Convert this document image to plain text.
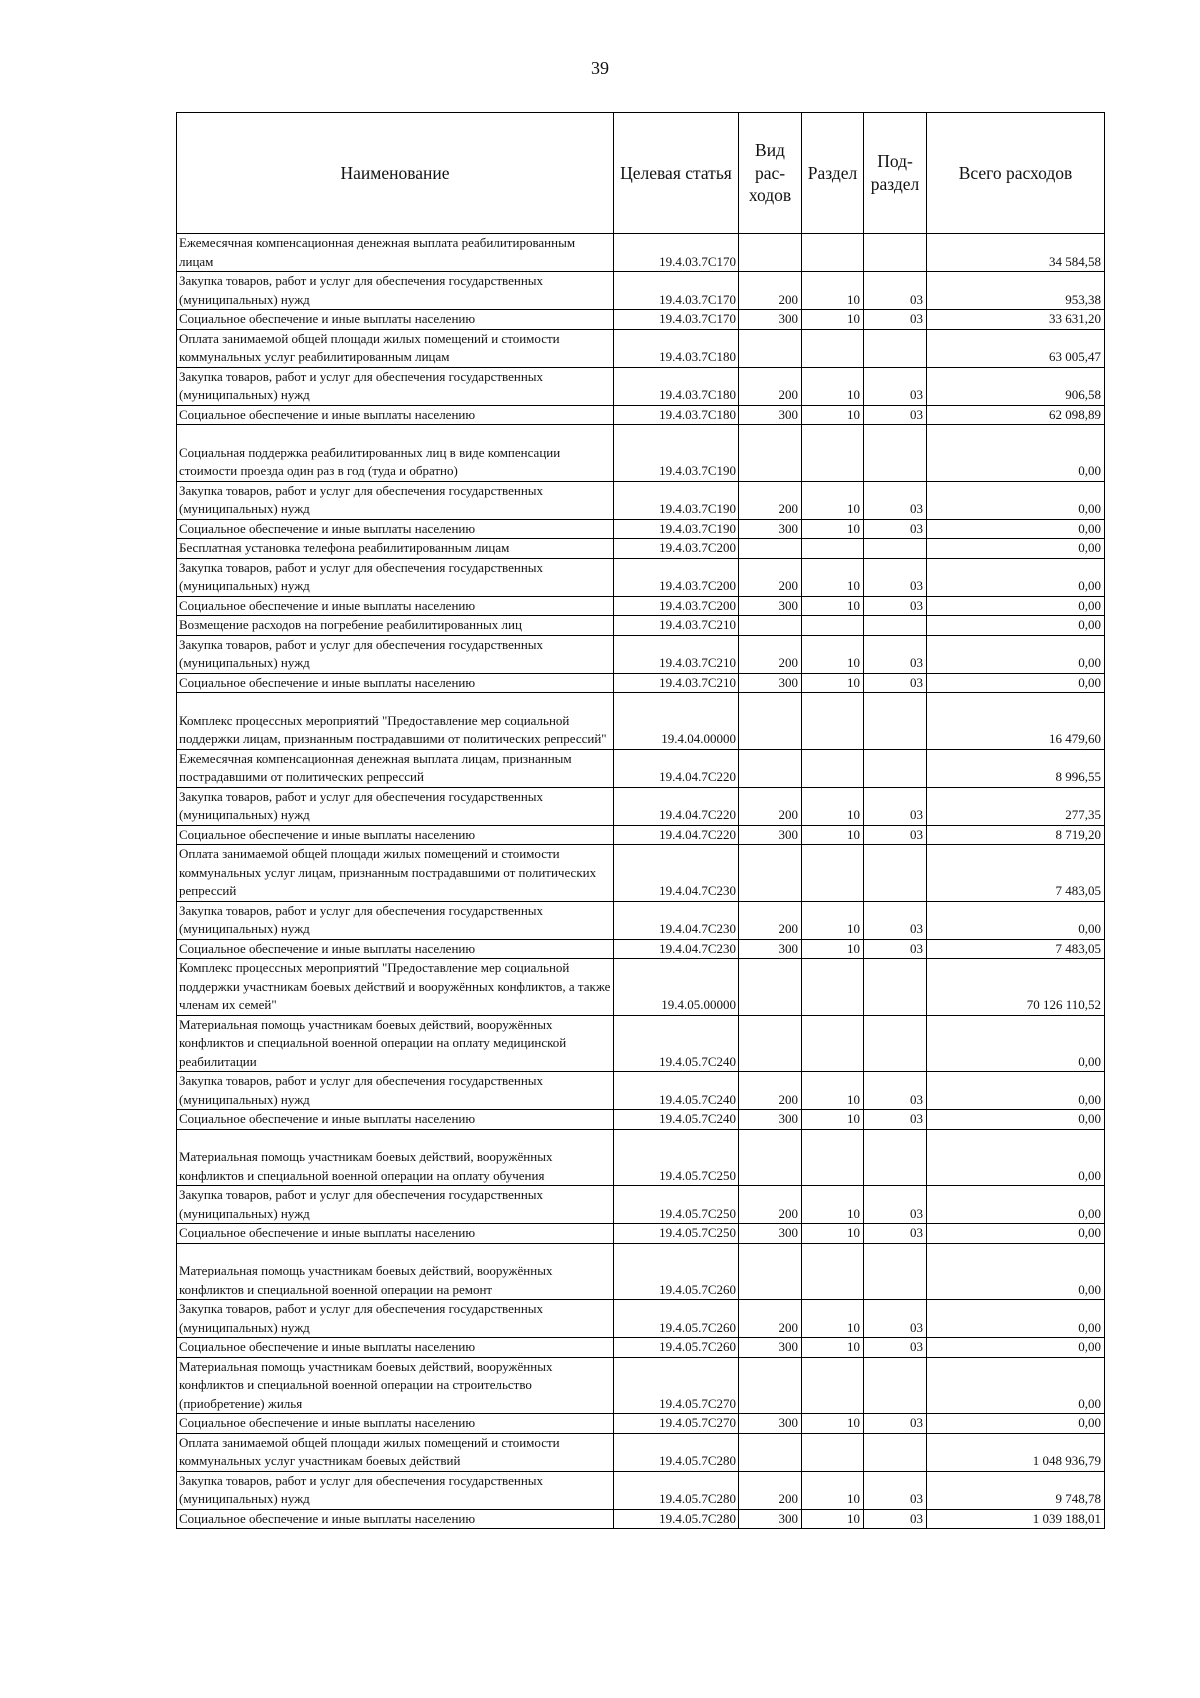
39
Наименование	Целевая статья	Вид рас-ходов	Раздел	Под-раздел	Всего расходов
Ежемесячная компенсационная денежная выплата реабилитированным лицам	19.4.03.7С170				34 584,58
Закупка товаров, работ и услуг для обеспечения государственных (муниципальных) нужд	19.4.03.7С170	200	10	03	953,38
Социальное обеспечение и иные выплаты населению	19.4.03.7С170	300	10	03	33 631,20
Оплата занимаемой общей площади жилых помещений и стоимости коммунальных услуг реабилитированным лицам	19.4.03.7С180				63 005,47
Закупка товаров, работ и услуг для обеспечения государственных (муниципальных) нужд	19.4.03.7С180	200	10	03	906,58
Социальное обеспечение и иные выплаты населению	19.4.03.7С180	300	10	03	62 098,89
Социальная поддержка реабилитированных лиц в виде компенсации стоимости проезда один раз в год (туда и обратно)	19.4.03.7С190				0,00
Закупка товаров, работ и услуг для обеспечения государственных (муниципальных) нужд	19.4.03.7С190	200	10	03	0,00
Социальное обеспечение и иные выплаты населению	19.4.03.7С190	300	10	03	0,00
Бесплатная установка телефона реабилитированным лицам	19.4.03.7С200				0,00
Закупка товаров, работ и услуг для обеспечения государственных (муниципальных) нужд	19.4.03.7С200	200	10	03	0,00
Социальное обеспечение и иные выплаты населению	19.4.03.7С200	300	10	03	0,00
Возмещение расходов на погребение реабилитированных лиц	19.4.03.7С210				0,00
Закупка товаров, работ и услуг для обеспечения государственных (муниципальных) нужд	19.4.03.7С210	200	10	03	0,00
Социальное обеспечение и иные выплаты населению	19.4.03.7С210	300	10	03	0,00
Комплекс процессных мероприятий "Предоставление мер социальной поддержки лицам, признанным пострадавшими от политических репрессий"	19.4.04.00000				16 479,60
Ежемесячная компенсационная денежная выплата лицам, признанным пострадавшими от политических репрессий	19.4.04.7С220				8 996,55
Закупка товаров, работ и услуг для обеспечения государственных (муниципальных) нужд	19.4.04.7С220	200	10	03	277,35
Социальное обеспечение и иные выплаты населению	19.4.04.7С220	300	10	03	8 719,20
Оплата занимаемой общей площади жилых помещений и стоимости коммунальных услуг лицам, признанным пострадавшими от политических репрессий	19.4.04.7С230				7 483,05
Закупка товаров, работ и услуг для обеспечения государственных (муниципальных) нужд	19.4.04.7С230	200	10	03	0,00
Социальное обеспечение и иные выплаты населению	19.4.04.7С230	300	10	03	7 483,05
Комплекс процессных мероприятий "Предоставление мер социальной поддержки участникам боевых действий и вооружённых конфликтов, а также членам их семей"	19.4.05.00000				70 126 110,52
Материальная помощь участникам боевых действий, вооружённых конфликтов и специальной военной операции на оплату медицинской реабилитации	19.4.05.7С240				0,00
Закупка товаров, работ и услуг для обеспечения государственных (муниципальных) нужд	19.4.05.7С240	200	10	03	0,00
Социальное обеспечение и иные выплаты населению	19.4.05.7С240	300	10	03	0,00
Материальная помощь участникам боевых действий, вооружённых конфликтов и специальной военной операции на оплату обучения	19.4.05.7С250				0,00
Закупка товаров, работ и услуг для обеспечения государственных (муниципальных) нужд	19.4.05.7С250	200	10	03	0,00
Социальное обеспечение и иные выплаты населению	19.4.05.7С250	300	10	03	0,00
Материальная помощь участникам боевых действий, вооружённых конфликтов и специальной военной операции на ремонт	19.4.05.7С260				0,00
Закупка товаров, работ и услуг для обеспечения государственных (муниципальных) нужд	19.4.05.7С260	200	10	03	0,00
Социальное обеспечение и иные выплаты населению	19.4.05.7С260	300	10	03	0,00
Материальная помощь участникам боевых действий, вооружённых конфликтов и специальной военной операции на строительство (приобретение) жилья	19.4.05.7С270				0,00
Социальное обеспечение и иные выплаты населению	19.4.05.7С270	300	10	03	0,00
Оплата занимаемой общей площади жилых помещений и стоимости коммунальных услуг участникам боевых действий	19.4.05.7С280				1 048 936,79
Закупка товаров, работ и услуг для обеспечения государственных (муниципальных) нужд	19.4.05.7С280	200	10	03	9 748,78
Социальное обеспечение и иные выплаты населению	19.4.05.7С280	300	10	03	1 039 188,01
